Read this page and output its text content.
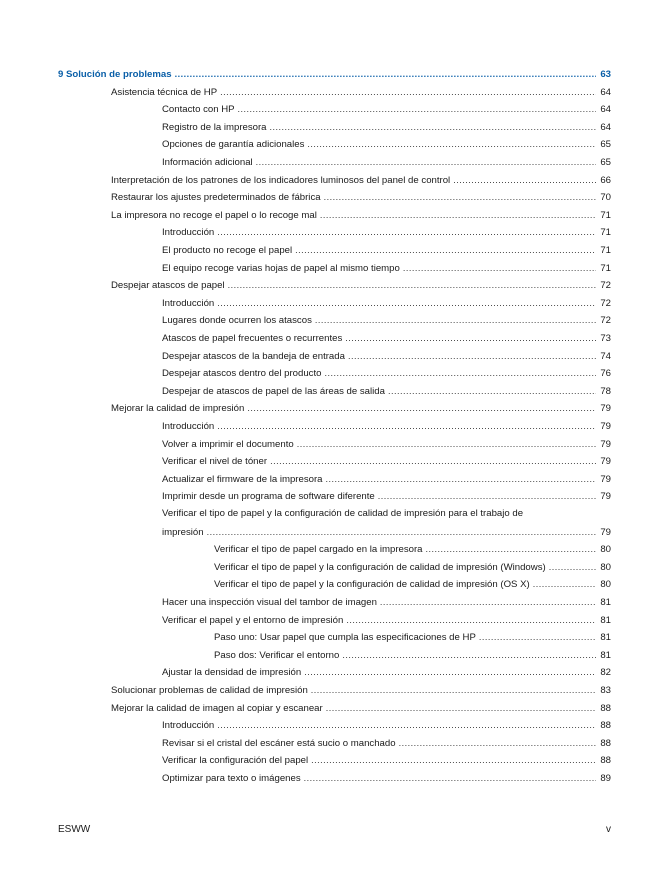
9 Solución de problemas .....	63
Asistencia técnica de HP .....	64
Contacto con HP .....	64
Registro de la impresora .....	64
Opciones de garantía adicionales .....	65
Información adicional .....	65
Interpretación de los patrones de los indicadores luminosos del panel de control .....	66
Restaurar los ajustes predeterminados de fábrica .....	70
La impresora no recoge el papel o lo recoge mal .....	71
Introducción .....	71
El producto no recoge el papel .....	71
El equipo recoge varias hojas de papel al mismo tiempo .....	71
Despejar atascos de papel .....	72
Introducción .....	72
Lugares donde ocurren los atascos .....	72
Atascos de papel frecuentes o recurrentes .....	73
Despejar atascos de la bandeja de entrada .....	74
Despejar atascos dentro del producto .....	76
Despejar de atascos de papel de las áreas de salida .....	78
Mejorar la calidad de impresión .....	79
Introducción .....	79
Volver a imprimir el documento .....	79
Verificar el nivel de tóner .....	79
Actualizar el firmware de la impresora .....	79
Imprimir desde un programa de software diferente .....	79
Verificar el tipo de papel y la configuración de calidad de impresión para el trabajo de
impresión .....	79
Verificar el tipo de papel cargado en la impresora .....	80
Verificar el tipo de papel y la configuración de calidad de impresión (Windows) .....	80
Verificar el tipo de papel y la configuración de calidad de impresión (OS X) .....	80
Hacer una inspección visual del tambor de imagen .....	81
Verificar el papel y el entorno de impresión .....	81
Paso uno: Usar papel que cumpla las especificaciones de HP .....	81
Paso dos: Verificar el entorno .....	81
Ajustar la densidad de impresión .....	82
Solucionar problemas de calidad de impresión .....	83
Mejorar la calidad de imagen al copiar y escanear .....	88
Introducción .....	88
Revisar si el cristal del escáner está sucio o manchado .....	88
Verificar la configuración del papel .....	88
Optimizar para texto o imágenes .....	89
ESWW	v
